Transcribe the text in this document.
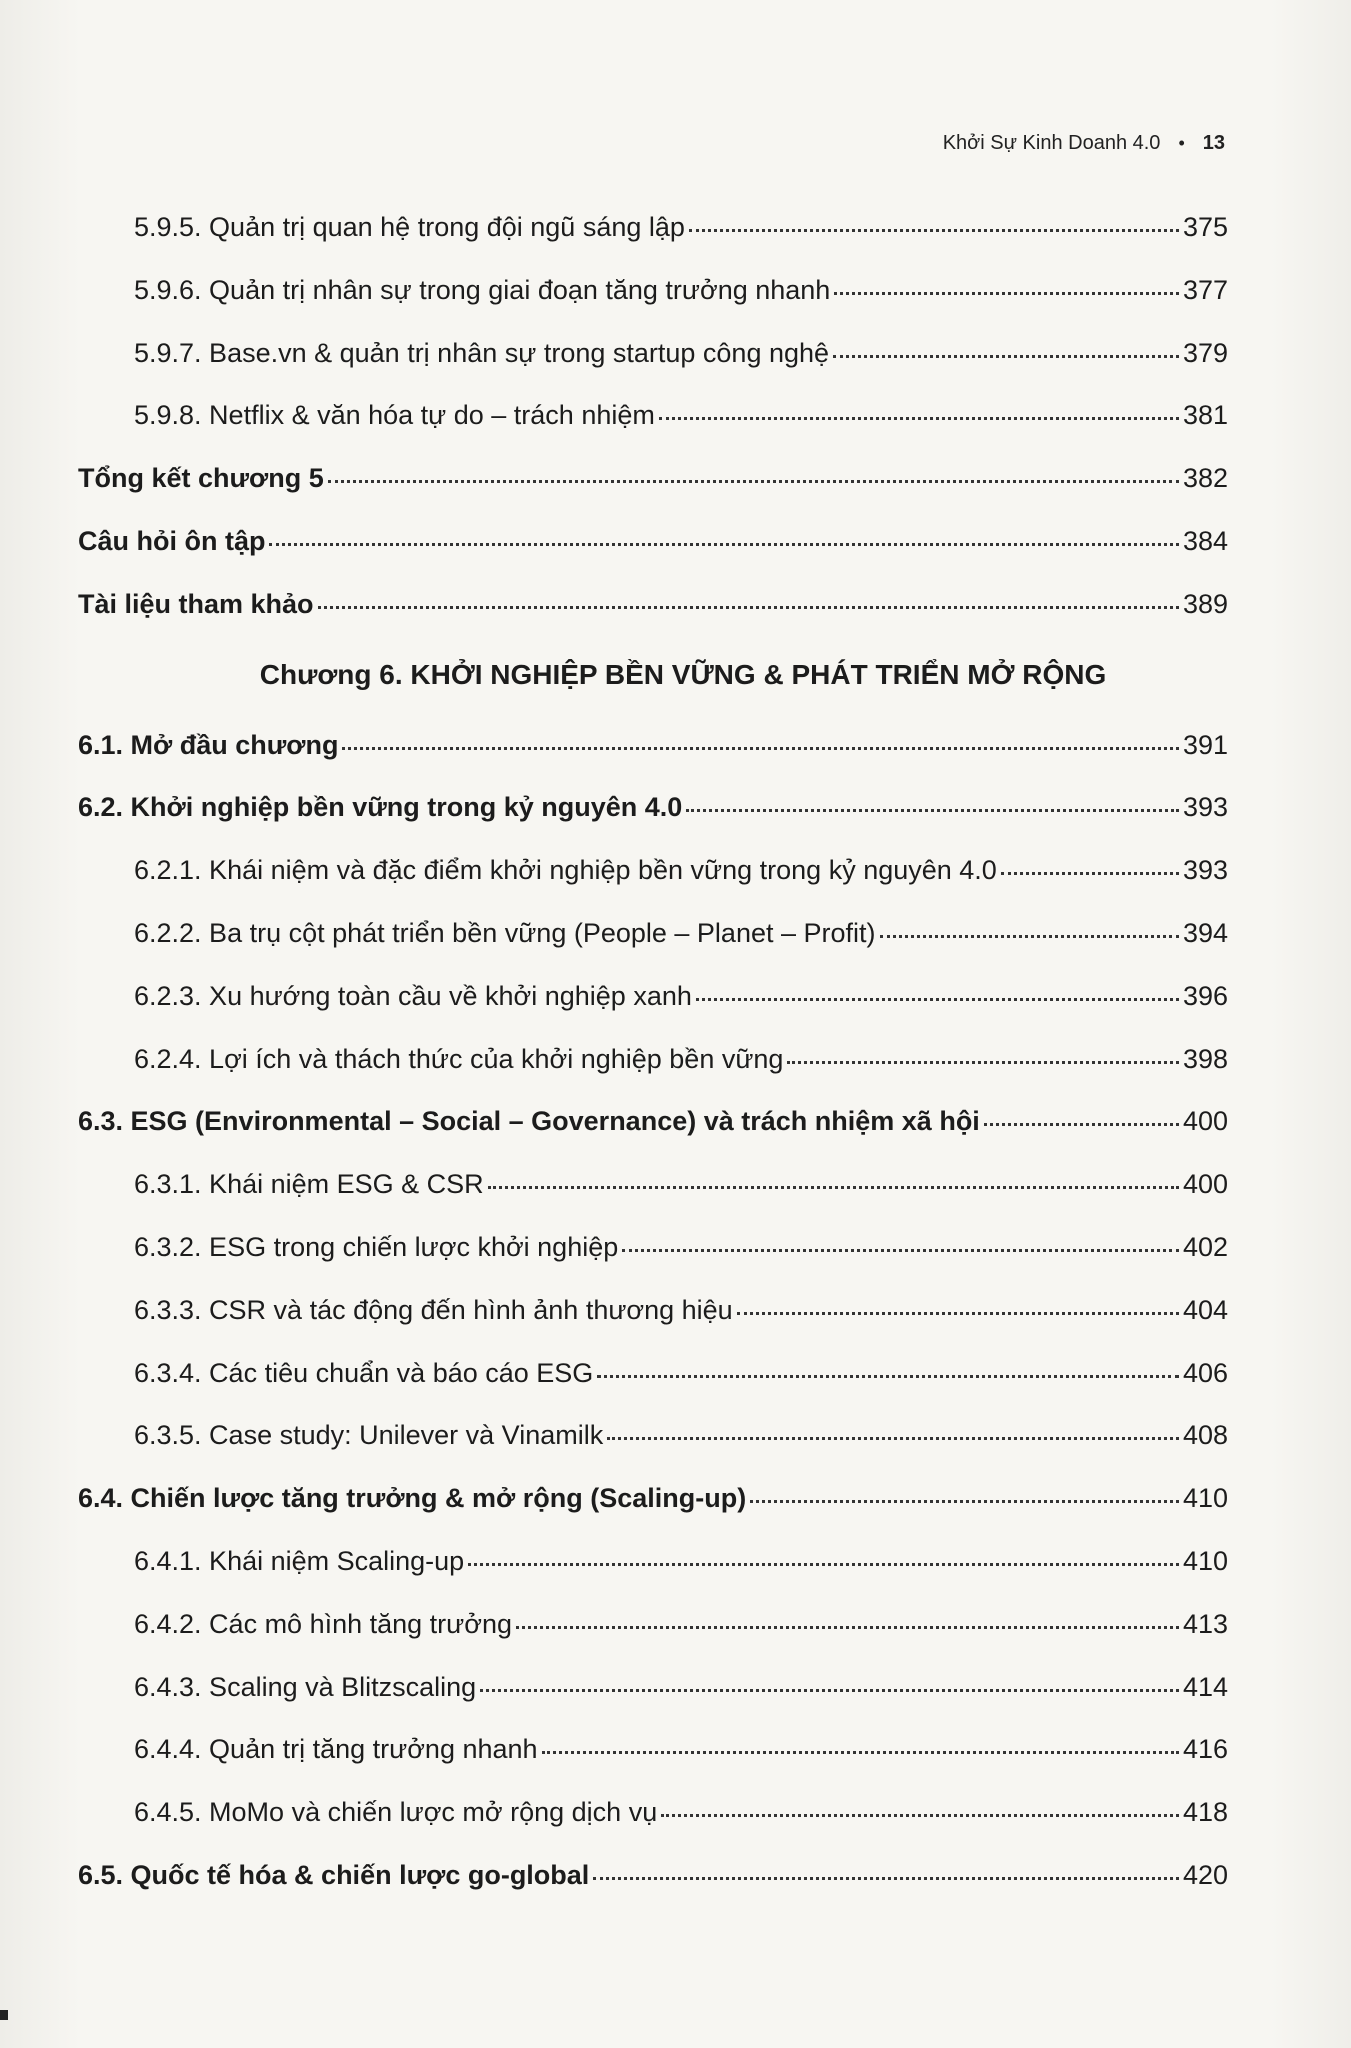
Khởi Sự Kinh Doanh 4.0 • 13
5.9.5. Quản trị quan hệ trong đội ngũ sáng lập	375
5.9.6. Quản trị nhân sự trong giai đoạn tăng trưởng nhanh	377
5.9.7. Base.vn & quản trị nhân sự trong startup công nghệ	379
5.9.8. Netflix & văn hóa tự do – trách nhiệm	381
Tổng kết chương 5	382
Câu hỏi ôn tập	384
Tài liệu tham khảo	389
Chương 6. KHỞI NGHIỆP BỀN VỮNG & PHÁT TRIỂN MỞ RỘNG
6.1. Mở đầu chương	391
6.2. Khởi nghiệp bền vững trong kỷ nguyên 4.0	393
6.2.1. Khái niệm và đặc điểm khởi nghiệp bền vững trong kỷ nguyên 4.0	393
6.2.2. Ba trụ cột phát triển bền vững (People – Planet – Profit)	394
6.2.3. Xu hướng toàn cầu về khởi nghiệp xanh	396
6.2.4. Lợi ích và thách thức của khởi nghiệp bền vững	398
6.3. ESG (Environmental – Social – Governance) và trách nhiệm xã hội	400
6.3.1. Khái niệm ESG & CSR	400
6.3.2. ESG trong chiến lược khởi nghiệp	402
6.3.3. CSR và tác động đến hình ảnh thương hiệu	404
6.3.4. Các tiêu chuẩn và báo cáo ESG	406
6.3.5. Case study: Unilever và Vinamilk	408
6.4. Chiến lược tăng trưởng & mở rộng (Scaling-up)	410
6.4.1. Khái niệm Scaling-up	410
6.4.2. Các mô hình tăng trưởng	413
6.4.3. Scaling và Blitzscaling	414
6.4.4. Quản trị tăng trưởng nhanh	416
6.4.5. MoMo và chiến lược mở rộng dịch vụ	418
6.5. Quốc tế hóa & chiến lược go-global	420
